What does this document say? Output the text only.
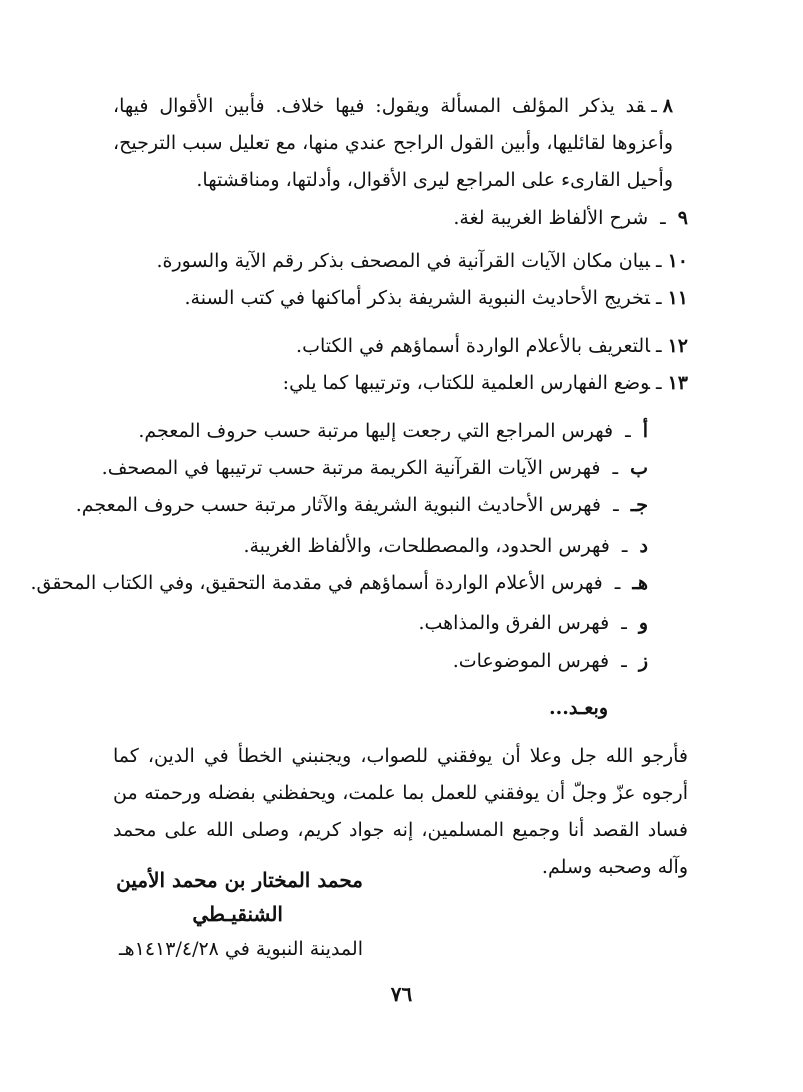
٨ـقد يذكر المؤلف المسألة ويقول: فيها خلاف. فأبين الأقوال فيها، وأعزوها لقائليها، وأبين القول الراجح عندي منها، مع تعليل سبب الترجيح، وأحيل القارىء على المراجع ليرى الأقوال، وأدلتها، ومناقشتها.
٩ ـ شرح الألفاظ الغريبة لغة.
١٠ـبيان مكان الآيات القرآنية في المصحف بذكر رقم الآية والسورة.
١١ـتخريج الأحاديث النبوية الشريفة بذكر أماكنها في كتب السنة.
١٢ـالتعريف بالأعلام الواردة أسماؤهم في الكتاب.
١٣ـوضع الفهارس العلمية للكتاب، وترتيبها كما يلي:
أ ـ فهرس المراجع التي رجعت إليها مرتبة حسب حروف المعجم.
ب ـ فهرس الآيات القرآنية الكريمة مرتبة حسب ترتيبها في المصحف.
جـ ـ فهرس الأحاديث النبوية الشريفة والآثار مرتبة حسب حروف المعجم.
د ـ فهرس الحدود، والمصطلحات، والألفاظ الغريبة.
هـ ـ فهرس الأعلام الواردة أسماؤهم في مقدمة التحقيق، وفي الكتاب المحقق.
و ـ فهرس الفرق والمذاهب.
ز ـ فهرس الموضوعات.
وبعـد...
فأرجو الله جل وعلا أن يوفقني للصواب، ويجنبني الخطأ في الدين، كما أرجوه عزّ وجلّ أن يوفقني للعمل بما علمت، ويحفظني بفضله ورحمته من فساد القصد أنا وجميع المسلمين، إنه جواد كريم، وصلى الله على محمد وآله وصحبه وسلم.
محمد المختار بن محمد الأمين
الشنقيـطي
المدينة النبوية في ١٤١٣/٤/٢٨هـ
٧٦
